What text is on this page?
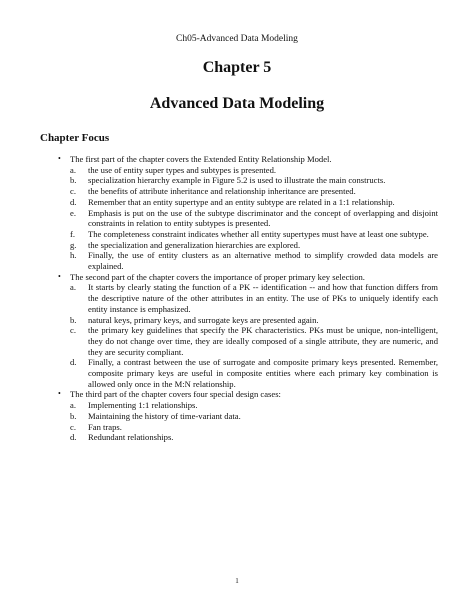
Ch05-Advanced Data Modeling
Chapter 5
Advanced Data Modeling
Chapter Focus
• The first part of the chapter covers the Extended Entity Relationship Model.
a. the use of entity super types and subtypes is presented.
b. specialization hierarchy example in Figure 5.2 is used to illustrate the main constructs.
c. the benefits of attribute inheritance and relationship inheritance are presented.
d. Remember that an entity supertype and an entity subtype are related in a 1:1 relationship.
e. Emphasis is put on the use of the subtype discriminator and the concept of overlapping and disjoint constraints in relation to entity subtypes is presented.
f. The completeness constraint indicates whether all entity supertypes must have at least one subtype.
g. the specialization and generalization hierarchies are explored.
h. Finally, the use of entity clusters as an alternative method to simplify crowded data models are explained.
• The second part of the chapter covers the importance of proper primary key selection.
a. It starts by clearly stating the function of a PK -- identification -- and how that function differs from the descriptive nature of the other attributes in an entity. The use of PKs to uniquely identify each entity instance is emphasized.
b. natural keys, primary keys, and surrogate keys are presented again.
c. the primary key guidelines that specify the PK characteristics. PKs must be unique, non-intelligent, they do not change over time, they are ideally composed of a single attribute, they are numeric, and they are security compliant.
d. Finally, a contrast between the use of surrogate and composite primary keys presented. Remember, composite primary keys are useful in composite entities where each primary key combination is allowed only once in the M:N relationship.
• The third part of the chapter covers four special design cases:
a. Implementing 1:1 relationships.
b. Maintaining the history of time-variant data.
c. Fan traps.
d. Redundant relationships.
1
